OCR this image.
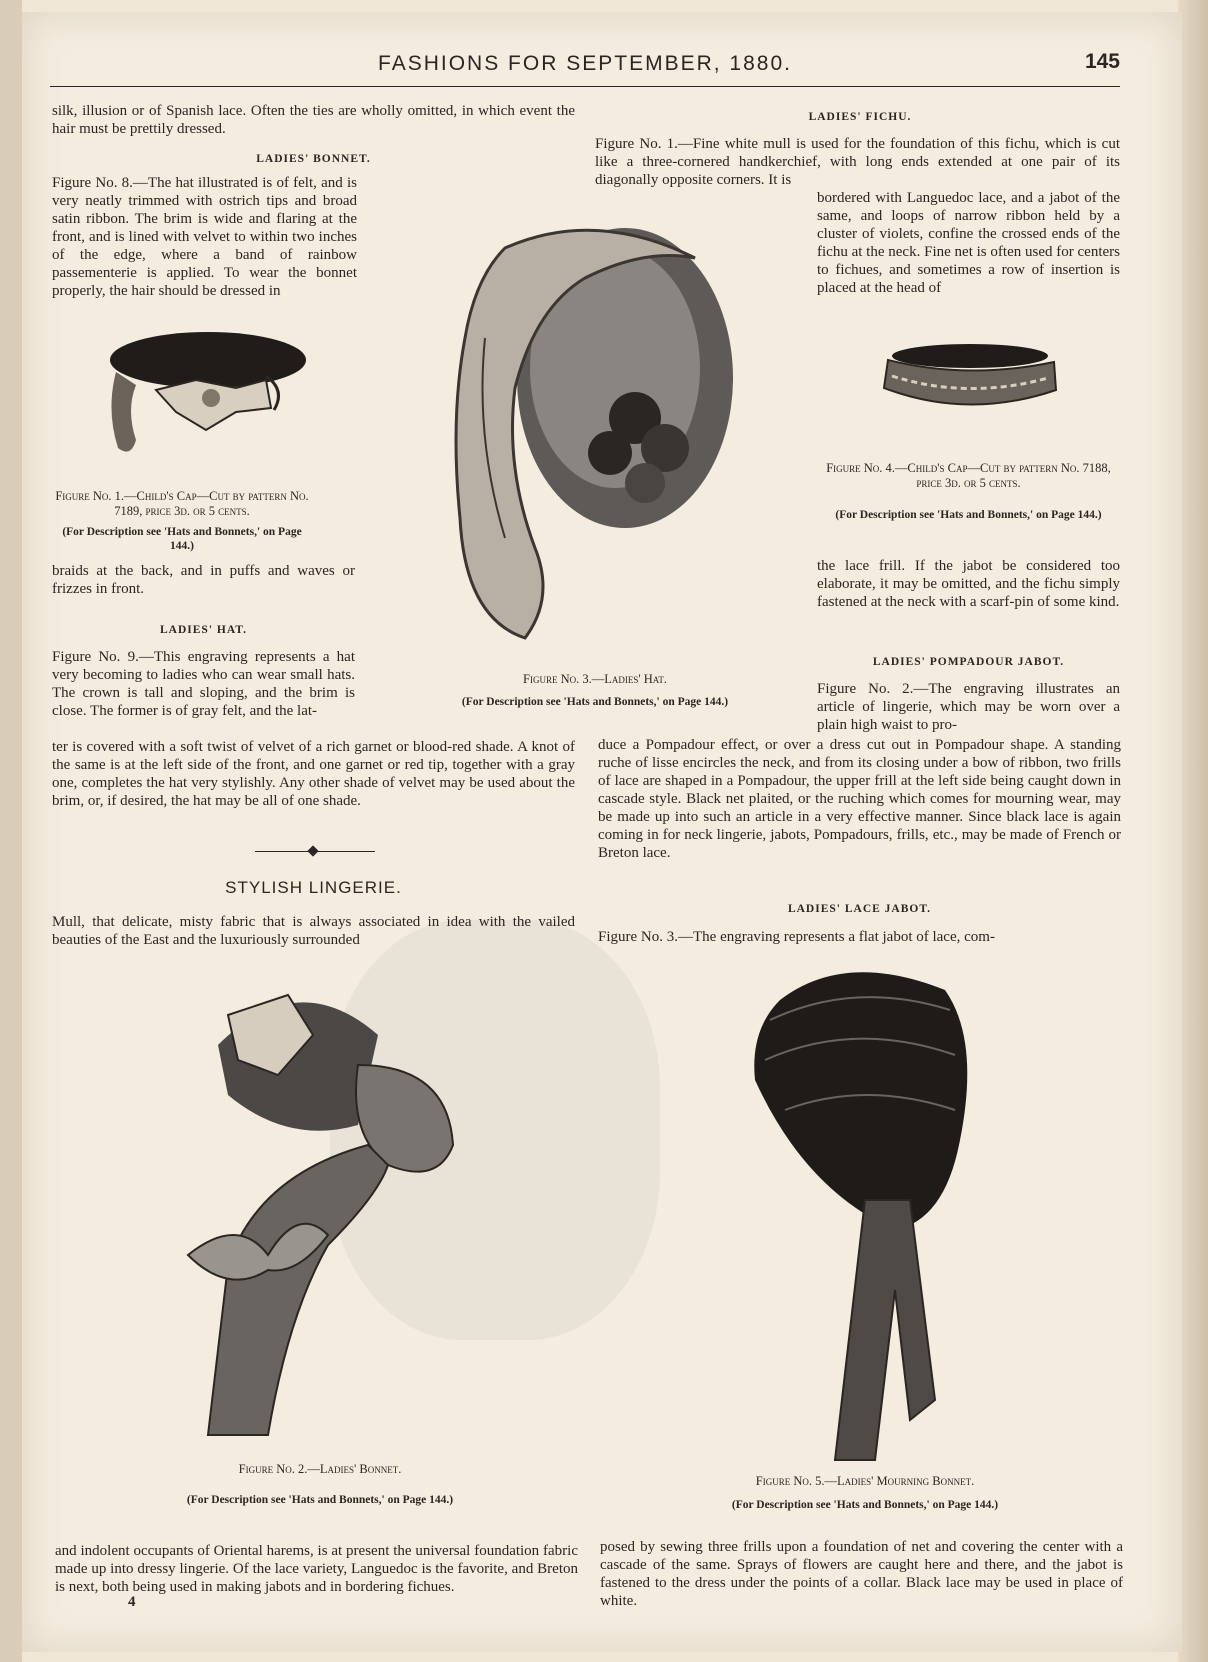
FASHIONS FOR SEPTEMBER, 1880.	145

silk, illusion or of Spanish lace. Often the ties are wholly omitted, in which event the hair must be prettily dressed.

LADIES' BONNET.

Figure No. 8.—The hat illustrated is of felt, and is very neatly trimmed with ostrich tips and broad satin ribbon. The brim is wide and flaring at the front, and is lined with velvet to within two inches of the edge, where a band of rainbow passementerie is applied. To wear the bonnet properly, the hair should be dressed in

Figure No. 1.—Child's Cap—Cut by pattern No. 7189, price 3d. or 5 cents.

(For Description see 'Hats and Bonnets,' on Page 144.)

braids at the back, and in puffs and waves or frizzes in front.

LADIES' HAT.

Figure No. 9.—This engraving represents a hat very becoming to ladies who can wear small hats. The crown is tall and sloping, and the brim is close. The former is of gray felt, and the lat-

ter is covered with a soft twist of velvet of a rich garnet or blood-red shade. A knot of the same is at the left side of the front, and one garnet or red tip, together with a gray one, completes the hat very stylishly. Any other shade of velvet may be used about the brim, or, if desired, the hat may be all of one shade.

STYLISH LINGERIE.

Mull, that delicate, misty fabric that is always associated in idea with the vailed beauties of the East and the luxuriously surrounded

Figure No. 3.—Ladies' Hat.

(For Description see 'Hats and Bonnets,' on Page 144.)

LADIES' FICHU.

Figure No. 1.—Fine white mull is used for the foundation of this fichu, which is cut like a three-cornered handkerchief, with long ends extended at one pair of its diagonally opposite corners. It is

bordered with Languedoc lace, and a jabot of the same, and loops of narrow ribbon held by a cluster of violets, confine the crossed ends of the fichu at the neck. Fine net is often used for centers to fichues, and sometimes a row of insertion is placed at the head of

Figure No. 4.—Child's Cap—Cut by pattern No. 7188, price 3d. or 5 cents.

(For Description see 'Hats and Bonnets,' on Page 144.)

the lace frill. If the jabot be considered too elaborate, it may be omitted, and the fichu simply fastened at the neck with a scarf-pin of some kind.

LADIES' POMPADOUR JABOT.

Figure No. 2.—The engraving illustrates an article of lingerie, which may be worn over a plain high waist to pro-

duce a Pompadour effect, or over a dress cut out in Pompadour shape. A standing ruche of lisse encircles the neck, and from its closing under a bow of ribbon, two frills of lace are shaped in a Pompadour, the upper frill at the left side being caught down in cascade style. Black net plaited, or the ruching which comes for mourning wear, may be made up into such an article in a very effective manner. Since black lace is again coming in for neck lingerie, jabots, Pompadours, frills, etc., may be made of French or Breton lace.

LADIES' LACE JABOT.

Figure No. 3.—The engraving represents a flat jabot of lace, com-

Figure No. 2.—Ladies' Bonnet.

(For Description see 'Hats and Bonnets,' on Page 144.)

Figure No. 5.—Ladies' Mourning Bonnet.

(For Description see 'Hats and Bonnets,' on Page 144.)

and indolent occupants of Oriental harems, is at present the universal foundation fabric made up into dressy lingerie. Of the lace variety, Languedoc is the favorite, and Breton is next, both being used in making jabots and in bordering fichues.

posed by sewing three frills upon a foundation of net and covering the center with a cascade of the same. Sprays of flowers are caught here and there, and the jabot is fastened to the dress under the points of a collar. Black lace may be used in place of white.

4
